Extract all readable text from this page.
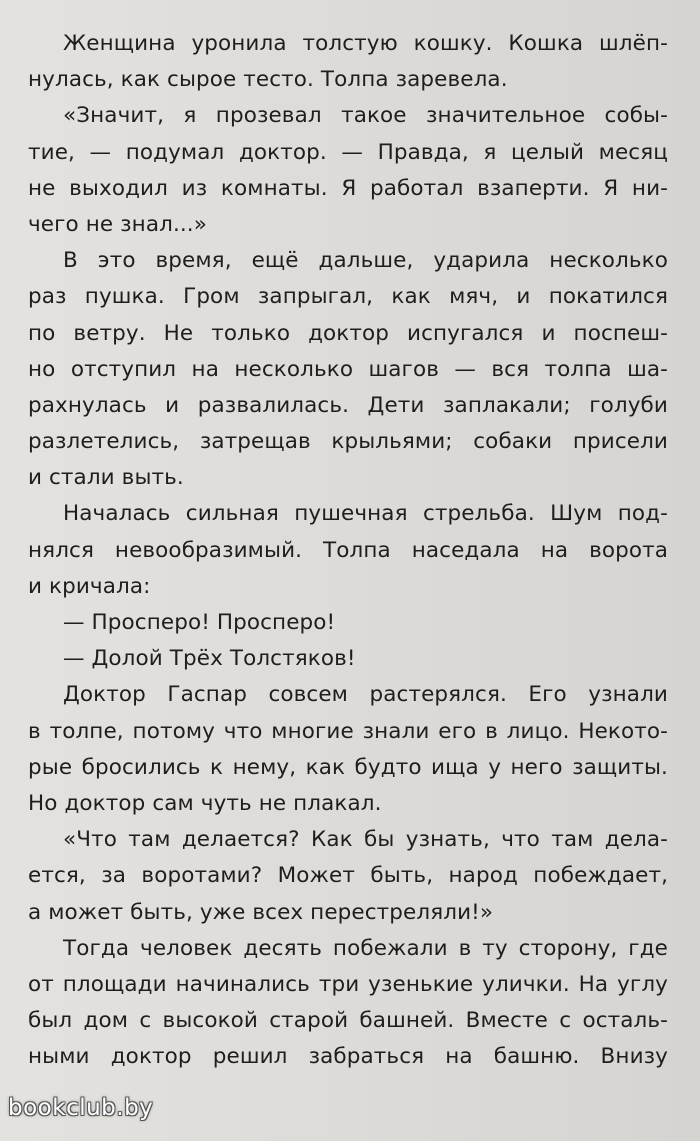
Женщина уронила толстую кошку. Кошка шлёп-
нулась, как сырое тесто. Толпа заревела.
«Значит, я прозевал такое значительное собы-
тие, — подумал доктор. — Правда, я целый месяц
не выходил из комнаты. Я работал взаперти. Я ни-
чего не знал...»
В это время, ещё дальше, ударила несколько
раз пушка. Гром запрыгал, как мяч, и покатился
по ветру. Не только доктор испугался и поспеш-
но отступил на несколько шагов — вся толпа ша-
рахнулась и развалилась. Дети заплакали; голуби
разлетелись, затрещав крыльями; собаки присели
и стали выть.
Началась сильная пушечная стрельба. Шум под-
нялся невообразимый. Толпа наседала на ворота
и кричала:
— Просперо! Просперо!
— Долой Трёх Толстяков!
Доктор Гаспар совсем растерялся. Его узнали
в толпе, потому что многие знали его в лицо. Некото-
рые бросились к нему, как будто ища у него защиты.
Но доктор сам чуть не плакал.
«Что там делается? Как бы узнать, что там дела-
ется, за воротами? Может быть, народ побеждает,
а может быть, уже всех перестреляли!»
Тогда человек десять побежали в ту сторону, где
от площади начинались три узенькие улички. На углу
был дом с высокой старой башней. Вместе с осталь-
ными доктор решил забраться на башню. Внизу
bookclub.by
